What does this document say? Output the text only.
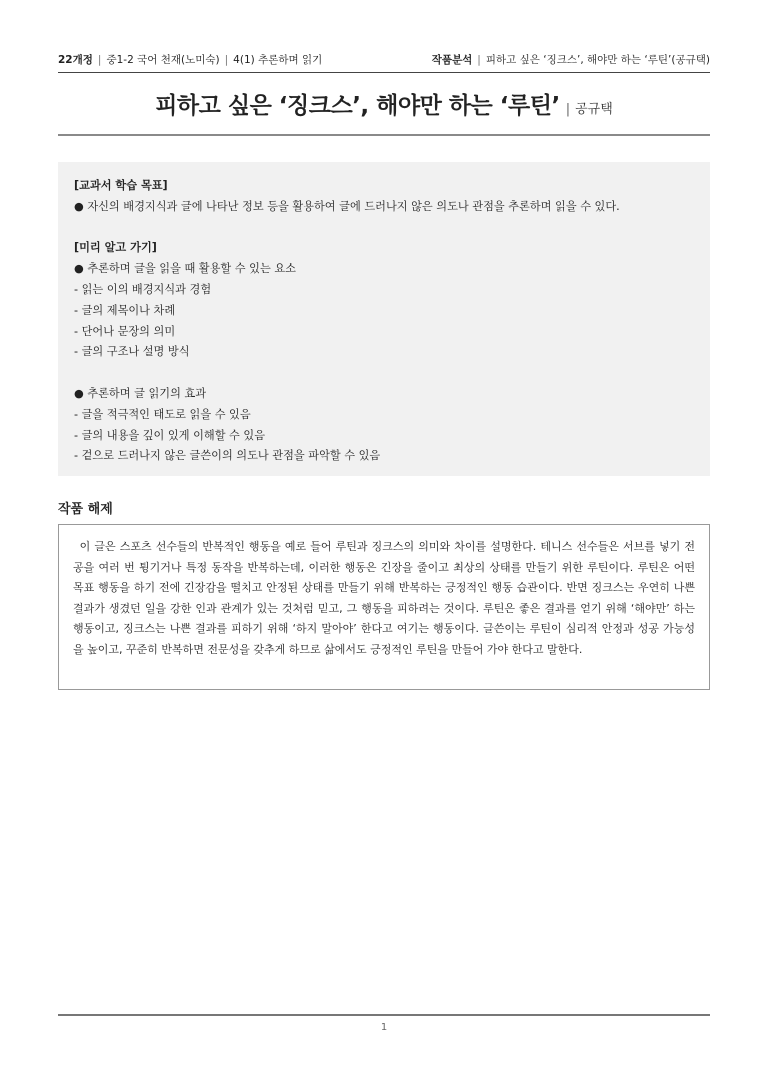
22개정 | 중1-2 국어 천재(노미숙) | 4(1) 추론하며 읽기	작품분석 | 피하고 싶은 ‘징크스’, 해야만 하는 ‘루틴’(공규택)
피하고 싶은 ‘징크스’, 해야만 하는 ‘루틴’ | 공규택
[교과서 학습 목표]
● 자신의 배경지식과 글에 나타난 정보 등을 활용하여 글에 드러나지 않은 의도나 관점을 추론하며 읽을 수 있다.
[미리 알고 가기]
● 추론하며 글을 읽을 때 활용할 수 있는 요소
- 읽는 이의 배경지식과 경험
- 글의 제목이나 차례
- 단어나 문장의 의미
- 글의 구조나 설명 방식
● 추론하며 글 읽기의 효과
- 글을 적극적인 태도로 읽을 수 있음
- 글의 내용을 깊이 있게 이해할 수 있음
- 겉으로 드러나지 않은 글쓴이의 의도나 관점을 파악할 수 있음
작품 해제
이 글은 스포츠 선수들의 반복적인 행동을 예로 들어 루틴과 징크스의 의미와 차이를 설명한다. 테니스 선수들은 서브를 넣기 전 공을 여러 번 튕기거나 특정 동작을 반복하는데, 이러한 행동은 긴장을 줄이고 최상의 상태를 만들기 위한 루틴이다. 루틴은 어떤 목표 행동을 하기 전에 긴장감을 떨치고 안정된 상태를 만들기 위해 반복하는 긍정적인 행동 습관이다. 반면 징크스는 우연히 나쁜 결과가 생겼던 일을 강한 인과 관계가 있는 것처럼 믿고, 그 행동을 피하려는 것이다. 루틴은 좋은 결과를 얻기 위해 ‘해야만’ 하는 행동이고, 징크스는 나쁜 결과를 피하기 위해 ‘하지 말아야’ 한다고 여기는 행동이다. 글쓴이는 루틴이 심리적 안정과 성공 가능성을 높이고, 꾸준히 반복하면 전문성을 갖추게 하므로 삶에서도 긍정적인 루틴을 만들어 가야 한다고 말한다.
1
